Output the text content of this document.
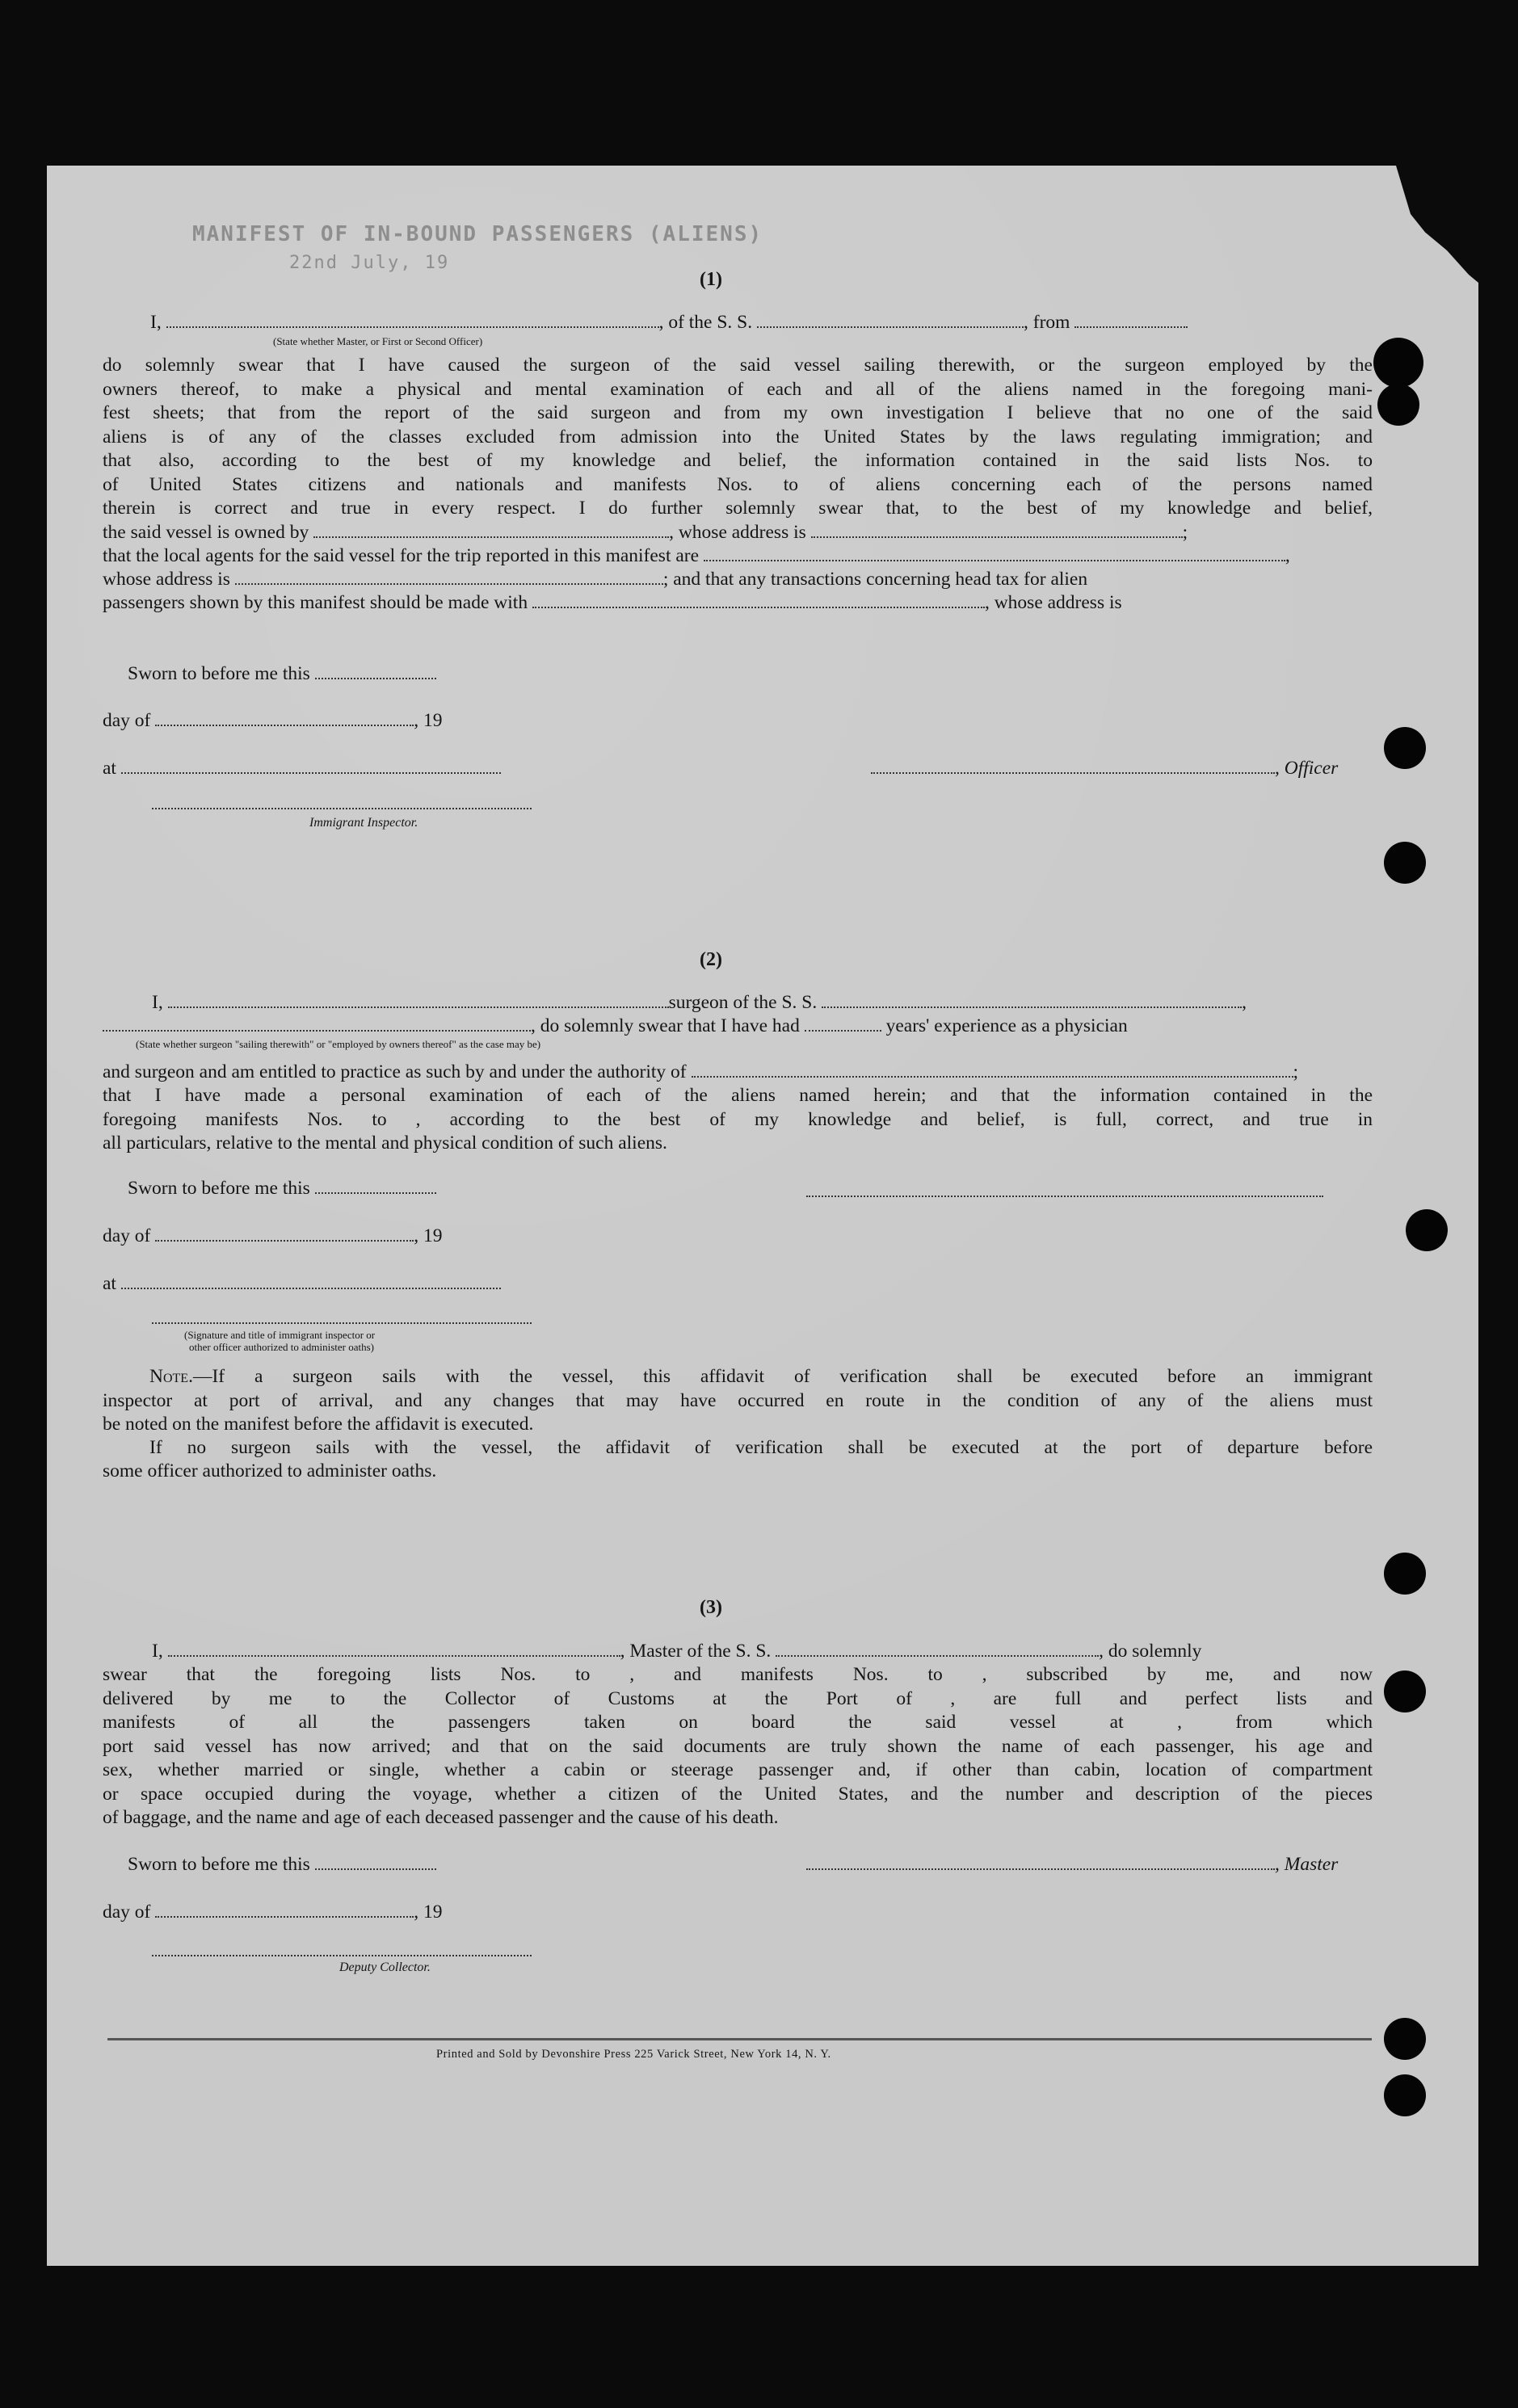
MANIFEST OF IN-BOUND PASSENGERS (ALIENS)
22nd July, 19
(1)
I,	, of the S. S.	, from
(State whether Master, or First or Second Officer)
do solemnly swear that I have caused the surgeon of the said vessel sailing therewith, or the surgeon employed by the
owners thereof, to make a physical and mental examination of each and all of the aliens named in the foregoing mani-
fest sheets; that from the report of the said surgeon and from my own investigation I believe that no one of the said
aliens is of any of the classes excluded from admission into the United States by the laws regulating immigration; and
that also, according to the best of my knowledge and belief, the information contained in the said lists Nos. to
of United States citizens and nationals and manifests Nos. to of aliens concerning each of the persons named
therein is correct and true in every respect. I do further solemnly swear that, to the best of my knowledge and belief,
the said vessel is owned by	, whose address is	;
that the local agents for the said vessel for the trip reported in this manifest are	,
whose address is	; and that any transactions concerning head tax for alien
passengers shown by this manifest should be made with	, whose address is
Sworn to before me this
day of	, 19
at	, Officer
Immigrant Inspector.
(2)
I,	surgeon of the S. S.	,
, do solemnly swear that I have had	years' experience as a physician
(State whether surgeon "sailing therewith" or "employed by owners thereof" as the case may be)
and surgeon and am entitled to practice as such by and under the authority of	;
that I have made a personal examination of each of the aliens named herein; and that the information contained in the
foregoing manifests Nos. to , according to the best of my knowledge and belief, is full, correct, and true in
all particulars, relative to the mental and physical condition of such aliens.
Sworn to before me this
day of	, 19
at
(Signature and title of immigrant inspector or
other officer authorized to administer oaths)
Note.—If a surgeon sails with the vessel, this affidavit of verification shall be executed before an immigrant
inspector at port of arrival, and any changes that may have occurred en route in the condition of any of the aliens must
be noted on the manifest before the affidavit is executed.
If no surgeon sails with the vessel, the affidavit of verification shall be executed at the port of departure before
some officer authorized to administer oaths.
(3)
I,	, Master of the S. S.	, do solemnly
swear that the foregoing lists Nos. to , and manifests Nos. to , subscribed by me, and now
delivered by me to the Collector of Customs at the Port of , are full and perfect lists and
manifests of all the passengers taken on board the said vessel at , from which
port said vessel has now arrived; and that on the said documents are truly shown the name of each passenger, his age and
sex, whether married or single, whether a cabin or steerage passenger and, if other than cabin, location of compartment
or space occupied during the voyage, whether a citizen of the United States, and the number and description of the pieces
of baggage, and the name and age of each deceased passenger and the cause of his death.
Sworn to before me this	, Master
day of	, 19
Deputy Collector.
Printed and Sold by Devonshire Press 225 Varick Street, New York 14, N. Y.
